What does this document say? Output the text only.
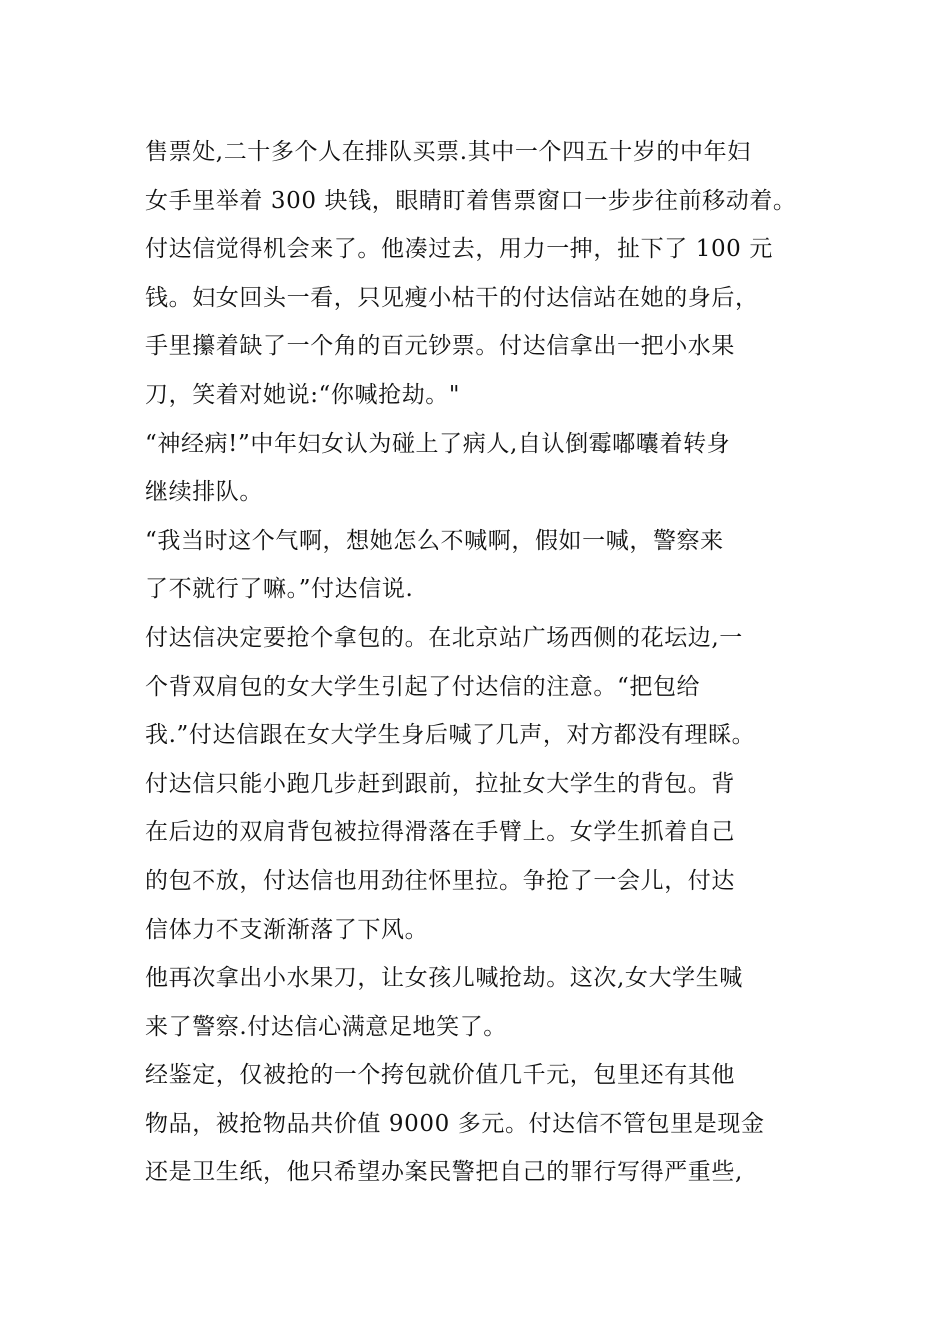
售票处,二十多个人在排队买票.其中一个四五十岁的中年妇
女手里举着 300 块钱，眼睛盯着售票窗口一步步往前移动着。
付达信觉得机会来了。他凑过去，用力一抻，扯下了 100 元
钱。妇女回头一看，只见瘦小枯干的付达信站在她的身后，
手里攥着缺了一个角的百元钞票。付达信拿出一把小水果
刀，笑着对她说:“你喊抢劫。"
“神经病!”中年妇女认为碰上了病人,自认倒霉嘟囔着转身
继续排队。
“我当时这个气啊，想她怎么不喊啊，假如一喊，警察来
了不就行了嘛。”付达信说.
付达信决定要抢个拿包的。在北京站广场西侧的花坛边,一
个背双肩包的女大学生引起了付达信的注意。“把包给
我.”付达信跟在女大学生身后喊了几声，对方都没有理睬。
付达信只能小跑几步赶到跟前，拉扯女大学生的背包。背
在后边的双肩背包被拉得滑落在手臂上。女学生抓着自己
的包不放，付达信也用劲往怀里拉。争抢了一会儿，付达
信体力不支渐渐落了下风。
他再次拿出小水果刀，让女孩儿喊抢劫。这次,女大学生喊
来了警察.付达信心满意足地笑了。
经鉴定，仅被抢的一个挎包就价值几千元，包里还有其他
物品，被抢物品共价值 9000 多元。付达信不管包里是现金
还是卫生纸，他只希望办案民警把自己的罪行写得严重些,
